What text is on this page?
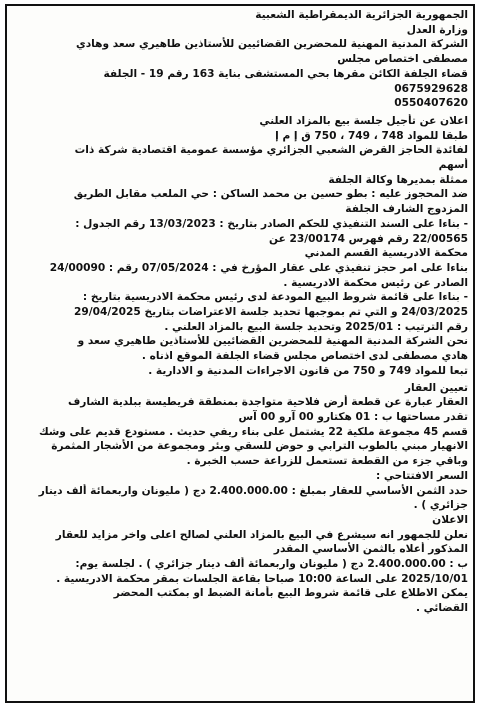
الجمهورية الجزائرية الديمقراطية الشعبية
وزارة العدل
الشركة المدنية المهنية للمحضرين القضائيين للأستاذين طاهيري سعد وهادي
مصطفى اختصاص مجلس
قضاء الجلفة الكائن مقرها بحي المستشفى بناية 163 رقم 19 - الجلفة
0675929628
0550407620
اعلان عن تأجيل جلسة بيع بالمزاد العلني
طبقا للمواد 748 ، 749 ، 750 ق إ م إ
لفائدة الحاجز القرض الشعبي الجزائري مؤسسة عمومية اقتصادية شركة ذات
أسهم
ممثلة بمديرها وكالة الجلفة
ضد المحجوز عليه : بطو حسين بن محمد الساكن : حي الملعب مقابل الطريق
المزدوج الشارف الجلفة
- بناءا على السند التنفيذي للحكم الصادر بتاريخ : 13/03/2023 رقم الجدول :
22/00565 رقم فهرس 23/00174 عن
محكمة الادريسية القسم المدني
بناءا على امر حجز تنفيذي على عقار المؤرخ في : 07/05/2024 رقم : 24/00090
الصادر عن رئيس محكمة الادريسية .
- بناءا على قائمة شروط البيع المودعة لدى رئيس محكمة الادريسية بتاريخ :
24/03/2025 و التي تم بموجبها تحديد جلسة الاعتراضات بتاريخ 29/04/2025
رقم الترتيب : 2025/01 وتحديد جلسة البيع بالمزاد العلني .
نحن الشركة المدنية المهنية للمحضرين القضائيين للأستاذين طاهيري سعد و
هادي مصطفى لدى اختصاص مجلس قضاء الجلفة الموقع اذناه .
تبعا للمواد 749 و 750 من قانون الاجراءات المدنية و الادارية .
تعيين العقار
العقار عبارة عن قطعة أرض فلاحية متواجدة بمنطقة فريطيسة ببلدية الشارف
تقدر مساحتها ب : 01 هكتارو 00 آرو 00 آس
قسم 45 مجموعة ملكية 22 يشتمل على بناء ريفي حديث . مستودع قديم على وشك
الانهيار مبني بالطوب الترابي و حوض للسقي وبئر ومجموعة من الأشجار المثمرة
وباقي جزء من القطعة تستعمل للزراعة حسب الخبرة .
السعر الافتتاحي :
حدد الثمن الأساسي للعقار بمبلغ : 2.400.000.00 دج ( مليونان واربعمائة ألف دينار
جزائري ) .
الاعلان
نعلن للجمهور انه سيشرع في البيع بالمزاد العلني لصالح اعلى واخر مزايد للعقار
المذكور أعلاه بالثمن الأساسي المقدر
ب : 2.400.000.00 دج ( مليونان واربعمائة ألف دينار جزائري ) . لجلسة يوم:
2025/10/01 على الساعة 10:00 صباحا بقاعة الجلسات بمقر محكمة الادريسية .
يمكن الاطلاع على قائمة شروط البيع بأمانة الضبط او بمكتب المحضر
القضائي .
